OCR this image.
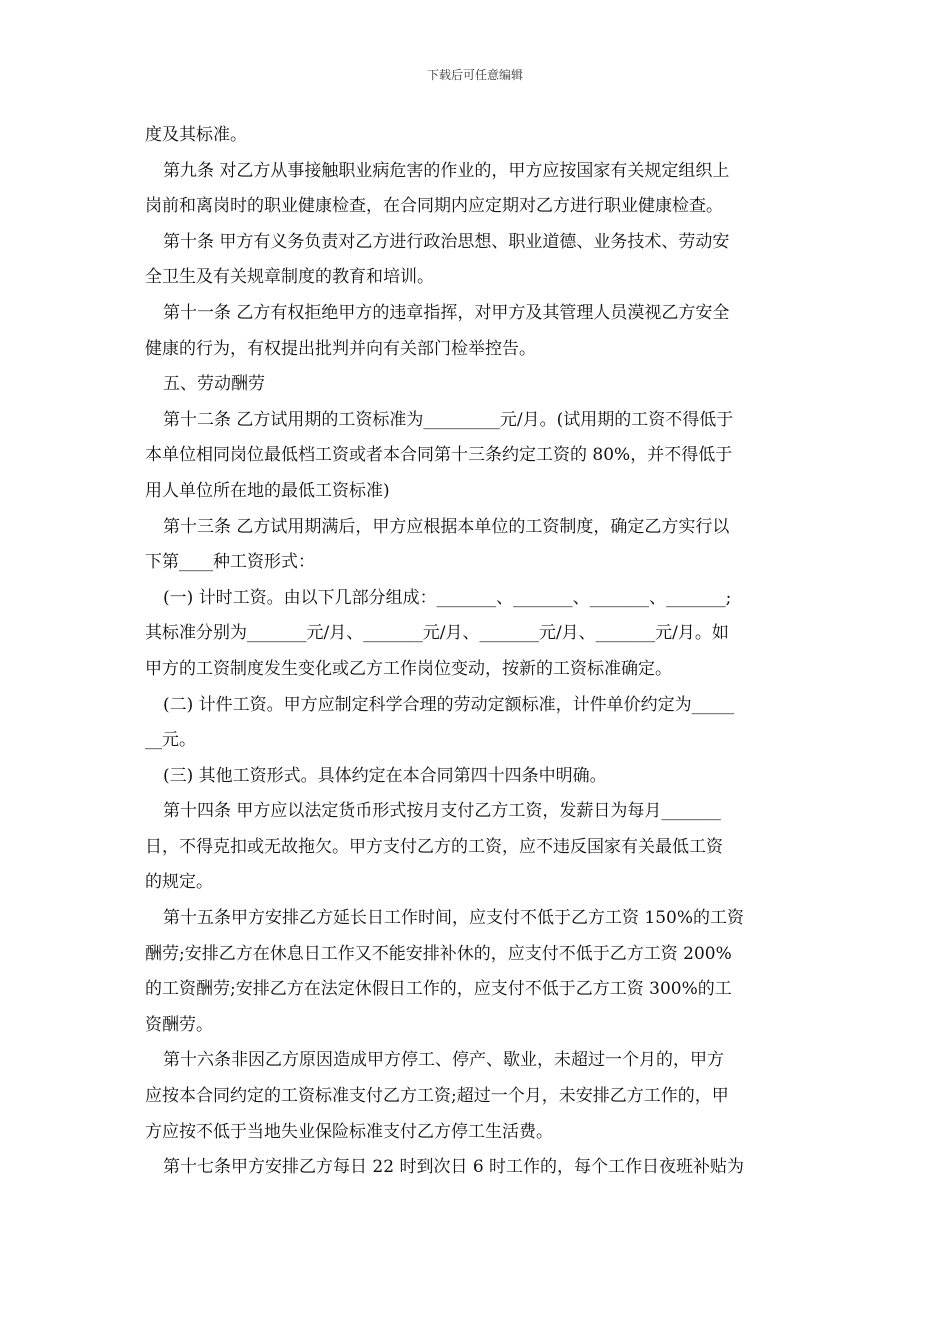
下载后可任意编辑

度及其标准。

第九条 对乙方从事接触职业病危害的作业的，甲方应按国家有关规定组织上

岗前和离岗时的职业健康检查，在合同期内应定期对乙方进行职业健康检查。

第十条 甲方有义务负责对乙方进行政治思想、职业道德、业务技术、劳动安

全卫生及有关规章制度的教育和培训。

第十一条 乙方有权拒绝甲方的违章指挥，对甲方及其管理人员漠视乙方安全

健康的行为，有权提出批判并向有关部门检举控告。

五、劳动酬劳

第十二条 乙方试用期的工资标准为_________元/月。(试用期的工资不得低于

本单位相同岗位最低档工资或者本合同第十三条约定工资的 80%，并不得低于

用人单位所在地的最低工资标准)

第十三条 乙方试用期满后，甲方应根据本单位的工资制度，确定乙方实行以

下第____种工资形式：

(一) 计时工资。由以下几部分组成：_______、_______、_______、_______;

其标准分别为_______元/月、_______元/月、_______元/月、_______元/月。如

甲方的工资制度发生变化或乙方工作岗位变动，按新的工资标准确定。

(二) 计件工资。甲方应制定科学合理的劳动定额标准，计件单价约定为_____

__元。

(三) 其他工资形式。具体约定在本合同第四十四条中明确。

第十四条 甲方应以法定货币形式按月支付乙方工资，发薪日为每月_______

日，不得克扣或无故拖欠。甲方支付乙方的工资，应不违反国家有关最低工资

的规定。

第十五条甲方安排乙方延长日工作时间，应支付不低于乙方工资 150%的工资

酬劳;安排乙方在休息日工作又不能安排补休的，应支付不低于乙方工资 200%

的工资酬劳;安排乙方在法定休假日工作的，应支付不低于乙方工资 300%的工

资酬劳。

第十六条非因乙方原因造成甲方停工、停产、歇业，未超过一个月的，甲方

应按本合同约定的工资标准支付乙方工资;超过一个月，未安排乙方工作的，甲

方应按不低于当地失业保险标准支付乙方停工生活费。

第十七条甲方安排乙方每日 22 时到次日 6 时工作的，每个工作日夜班补贴为
